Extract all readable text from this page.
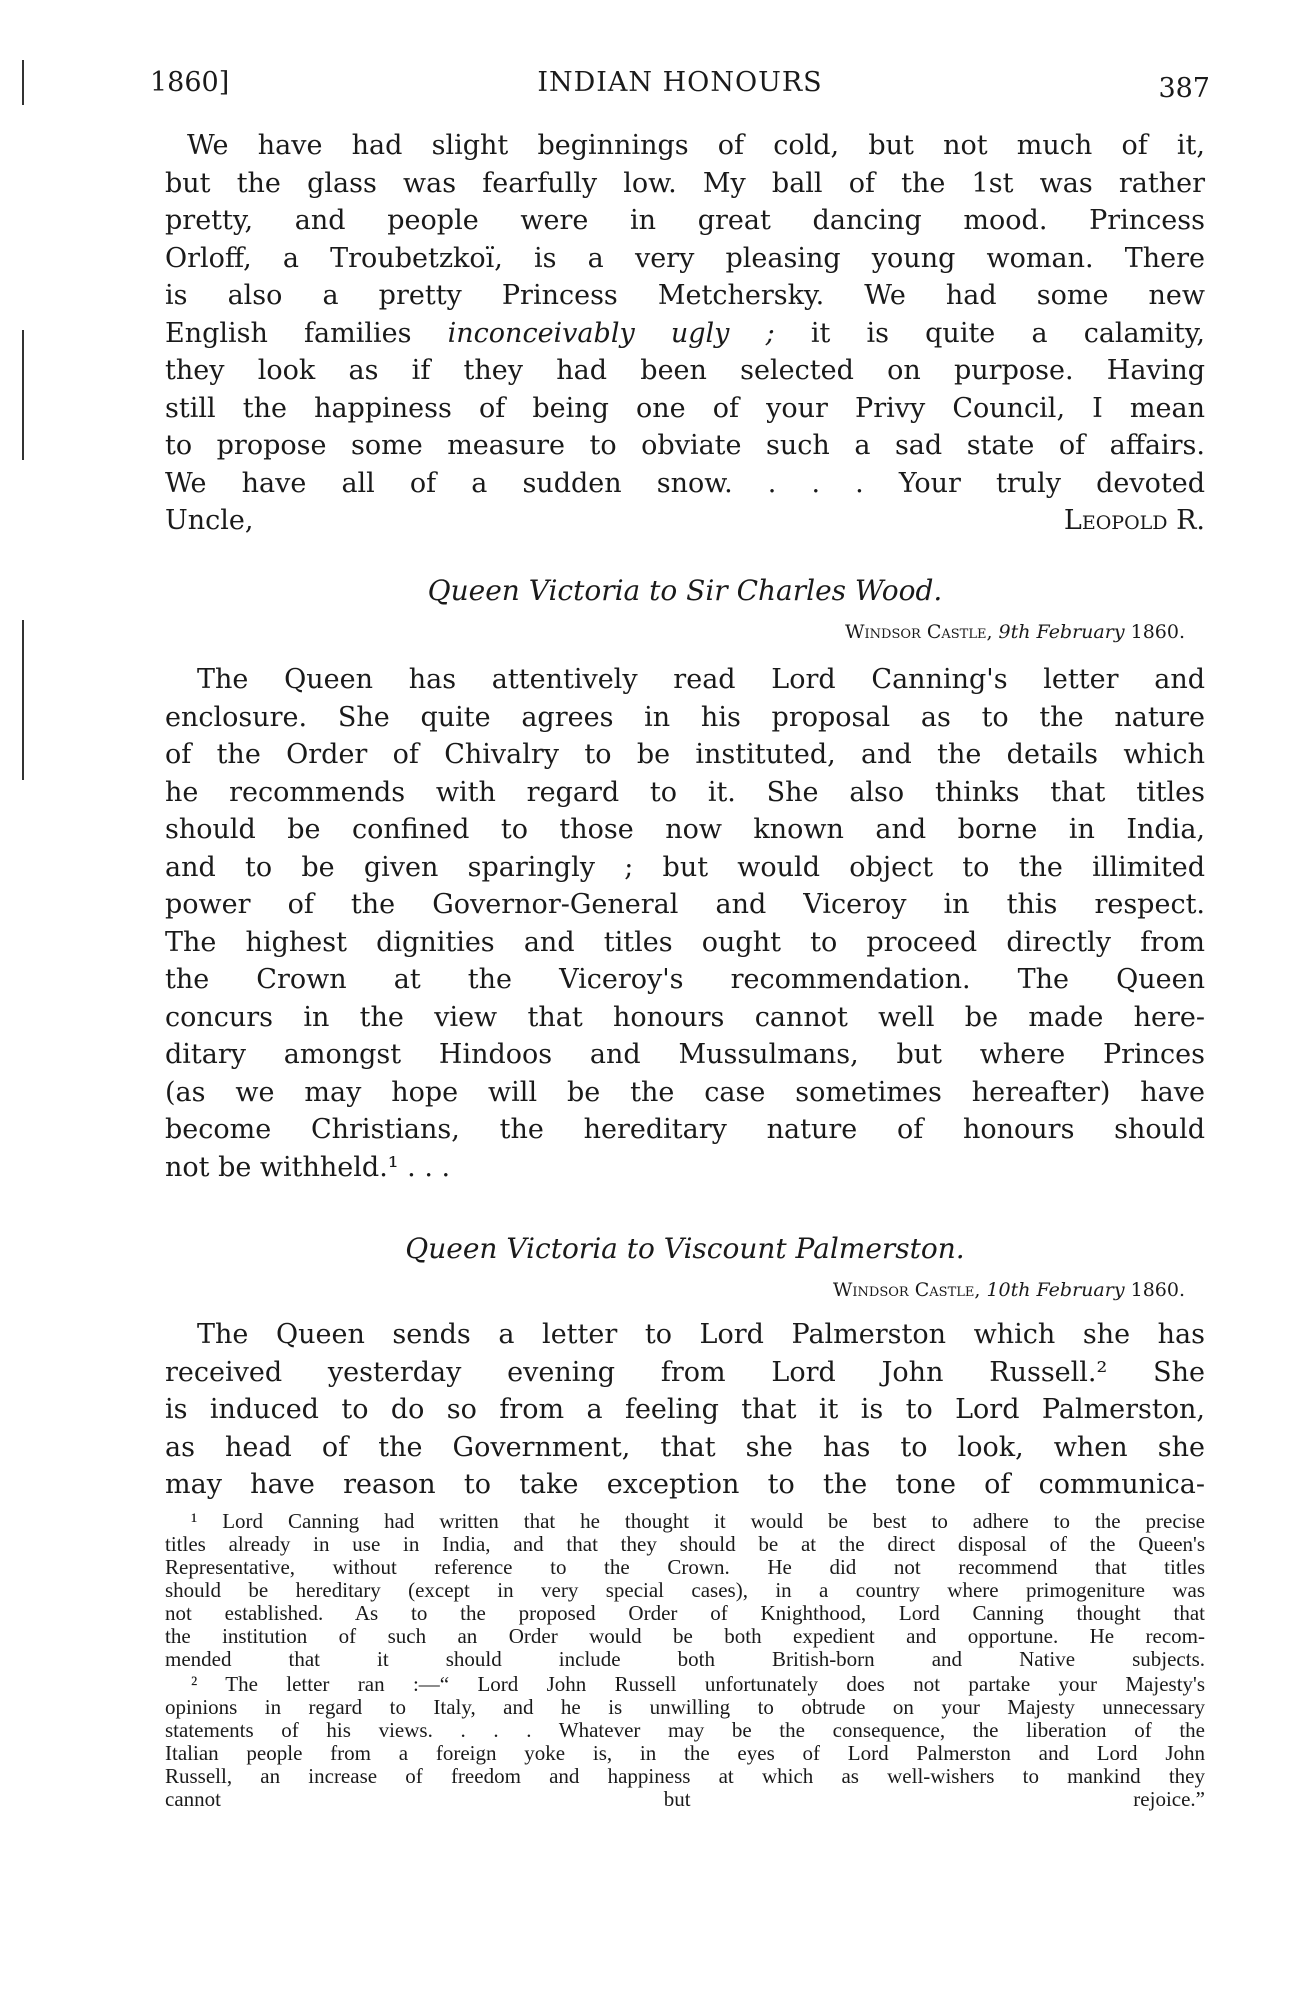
1860]	INDIAN HONOURS	387
We have had slight beginnings of cold, but not much of it,
but the glass was fearfully low. My ball of the 1st was rather
pretty, and people were in great dancing mood. Princess
Orloff, a Troubetzkoï, is a very pleasing young woman. There
is also a pretty Princess Metchersky. We had some new
English families inconceivably ugly ; it is quite a calamity,
they look as if they had been selected on purpose. Having
still the happiness of being one of your Privy Council, I mean
to propose some measure to obviate such a sad state of affairs.
We have all of a sudden snow. . . . Your truly devoted
Uncle,	Leopold R.
Queen Victoria to Sir Charles Wood.
Windsor Castle, 9th February 1860.
The Queen has attentively read Lord Canning's letter and
enclosure. She quite agrees in his proposal as to the nature
of the Order of Chivalry to be instituted, and the details which
he recommends with regard to it. She also thinks that titles
should be confined to those now known and borne in India,
and to be given sparingly ; but would object to the illimited
power of the Governor-General and Viceroy in this respect.
The highest dignities and titles ought to proceed directly from
the Crown at the Viceroy's recommendation. The Queen
concurs in the view that honours cannot well be made here-
ditary amongst Hindoos and Mussulmans, but where Princes
(as we may hope will be the case sometimes hereafter) have
become Christians, the hereditary nature of honours should
not be withheld.¹ . . .
Queen Victoria to Viscount Palmerston.
Windsor Castle, 10th February 1860.
The Queen sends a letter to Lord Palmerston which she has
received yesterday evening from Lord John Russell.² She
is induced to do so from a feeling that it is to Lord Palmerston,
as head of the Government, that she has to look, when she
may have reason to take exception to the tone of communica-
¹ Lord Canning had written that he thought it would be best to adhere to the precise
titles already in use in India, and that they should be at the direct disposal of the Queen's
Representative, without reference to the Crown. He did not recommend that titles
should be hereditary (except in very special cases), in a country where primogeniture was
not established. As to the proposed Order of Knighthood, Lord Canning thought that
the institution of such an Order would be both expedient and opportune. He recom-
mended that it should include both British-born and Native subjects.
² The letter ran :—“ Lord John Russell unfortunately does not partake your Majesty's
opinions in regard to Italy, and he is unwilling to obtrude on your Majesty unnecessary
statements of his views. . . . Whatever may be the consequence, the liberation of the
Italian people from a foreign yoke is, in the eyes of Lord Palmerston and Lord John
Russell, an increase of freedom and happiness at which as well-wishers to mankind they
cannot but rejoice.”
